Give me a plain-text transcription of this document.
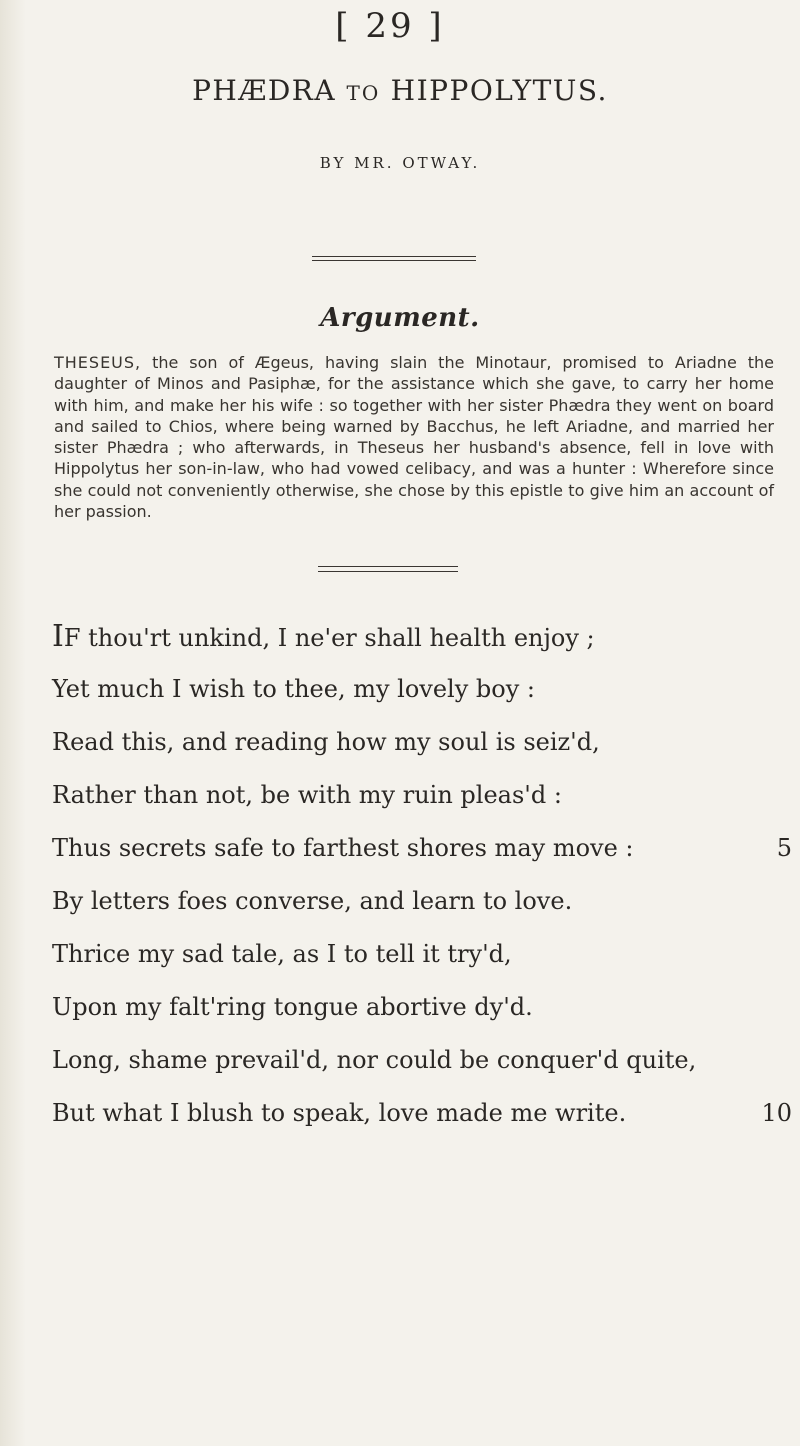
[ 29 ]
PHÆDRA TO HIPPOLYTUS.
BY MR. OTWAY.
Argument.
THESEUS, the son of Ægeus, having slain the Minotaur, promised to Ariadne the daughter of Minos and Pasiphæ, for the assistance which she gave, to carry her home with him, and make her his wife : so together with her sister Phædra they went on board and sailed to Chios, where being warned by Bacchus, he left Ariadne, and married her sister Phædra ; who afterwards, in Theseus her husband's absence, fell in love with Hippolytus her son-in-law, who had vowed celibacy, and was a hunter : Wherefore since she could not conveniently otherwise, she chose by this epistle to give him an account of her passion.
IF thou'rt unkind, I ne'er shall health enjoy ;
Yet much I wish to thee, my lovely boy :
Read this, and reading how my soul is seiz'd,
Rather than not, be with my ruin pleas'd :
Thus secrets safe to farthest shores may move :	5
By letters foes converse, and learn to love.
Thrice my sad tale, as I to tell it try'd,
Upon my falt'ring tongue abortive dy'd.
Long, shame prevail'd, nor could be conquer'd quite,
But what I blush to speak, love made me write.	10
